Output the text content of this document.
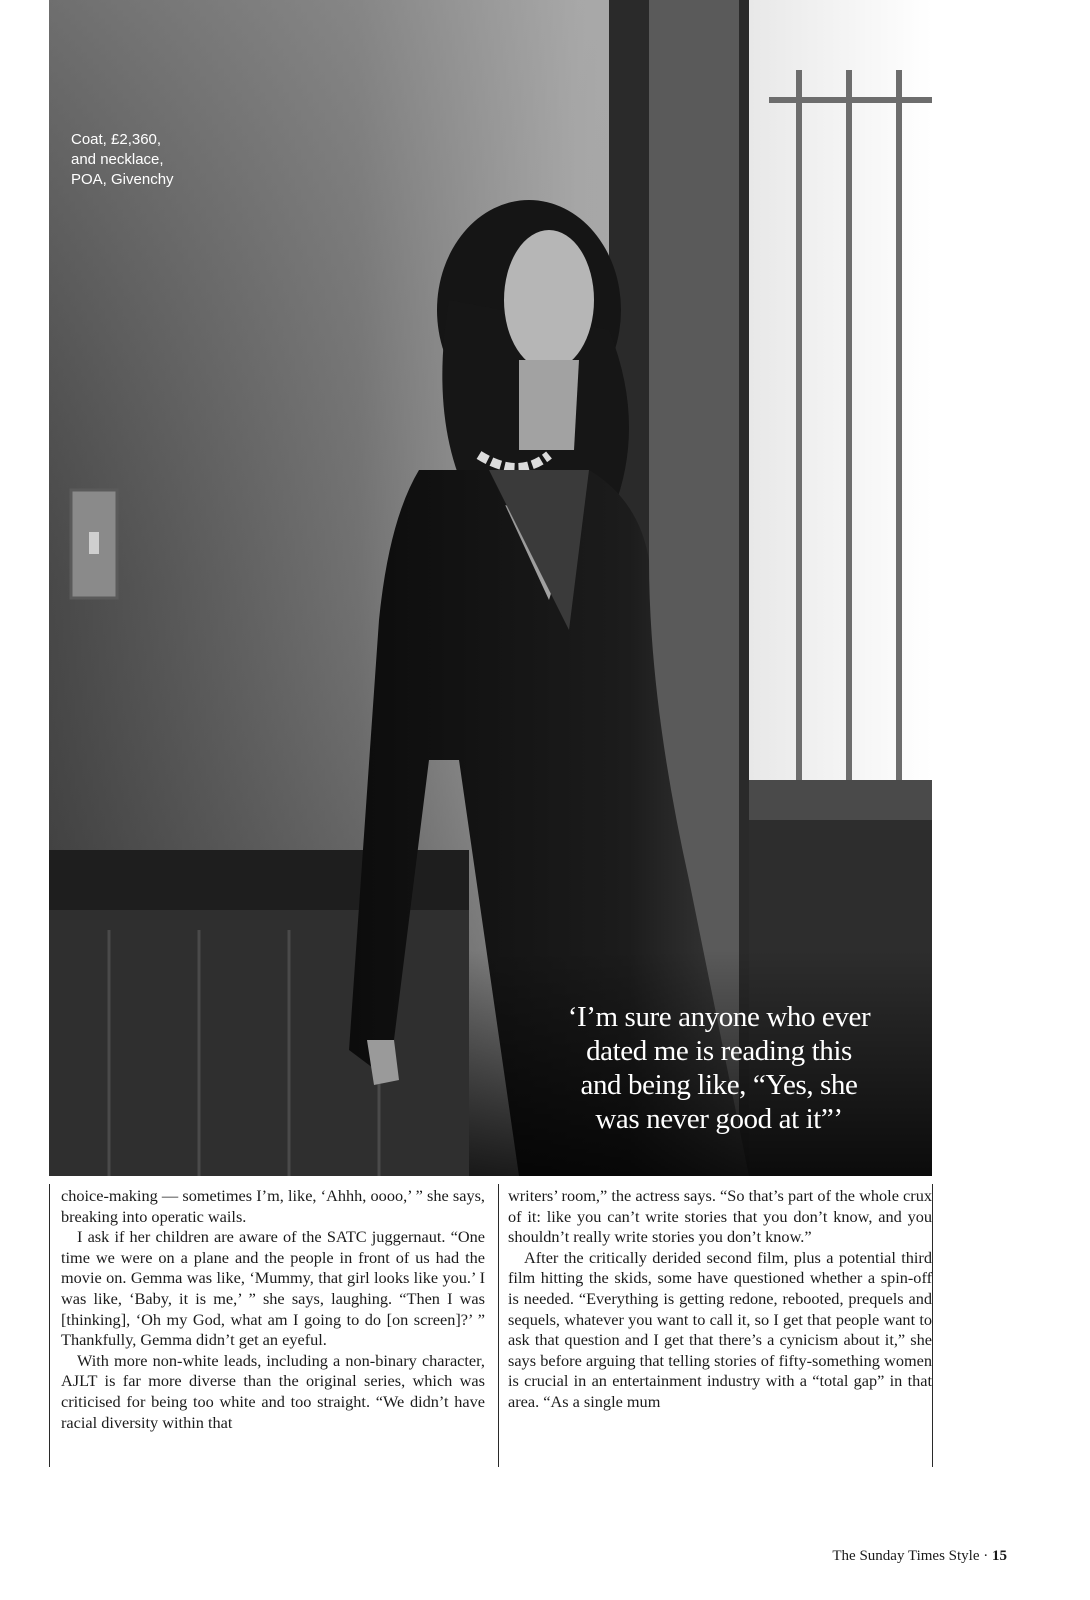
Coat, £2,360,
and necklace,
POA, Givenchy
‘I’m sure anyone who ever
dated me is reading this
and being like, “Yes, she
was never good at it”’

choice-making — sometimes I’m, like, ‘Ahhh, oooo,’ ” she says, breaking into operatic wails.

I ask if her children are aware of the SATC juggernaut. “One time we were on a plane and the people in front of us had the movie on. Gemma was like, ‘Mummy, that girl looks like you.’ I was like, ‘Baby, it is me,’ ” she says, laughing. “Then I was [thinking], ‘Oh my God, what am I going to do [on screen]?’ ” Thankfully, Gemma didn’t get an eyeful.

With more non-white leads, including a non-binary character, AJLT is far more diverse than the original series, which was criticised for being too white and too straight. “We didn’t have racial diversity within that

writers’ room,” the actress says. “So that’s part of the whole crux of it: like you can’t write stories that you don’t know, and you shouldn’t really write stories you don’t know.”

After the critically derided second film, plus a potential third film hitting the skids, some have questioned whether a spin-off is needed. “Everything is getting redone, rebooted, prequels and sequels, whatever you want to call it, so I get that people want to ask that question and I get that there’s a cynicism about it,” she says before arguing that telling stories of fifty-something women is crucial in an entertainment industry with a “total gap” in that area. “As a single mum

The Sunday Times Style · 15
